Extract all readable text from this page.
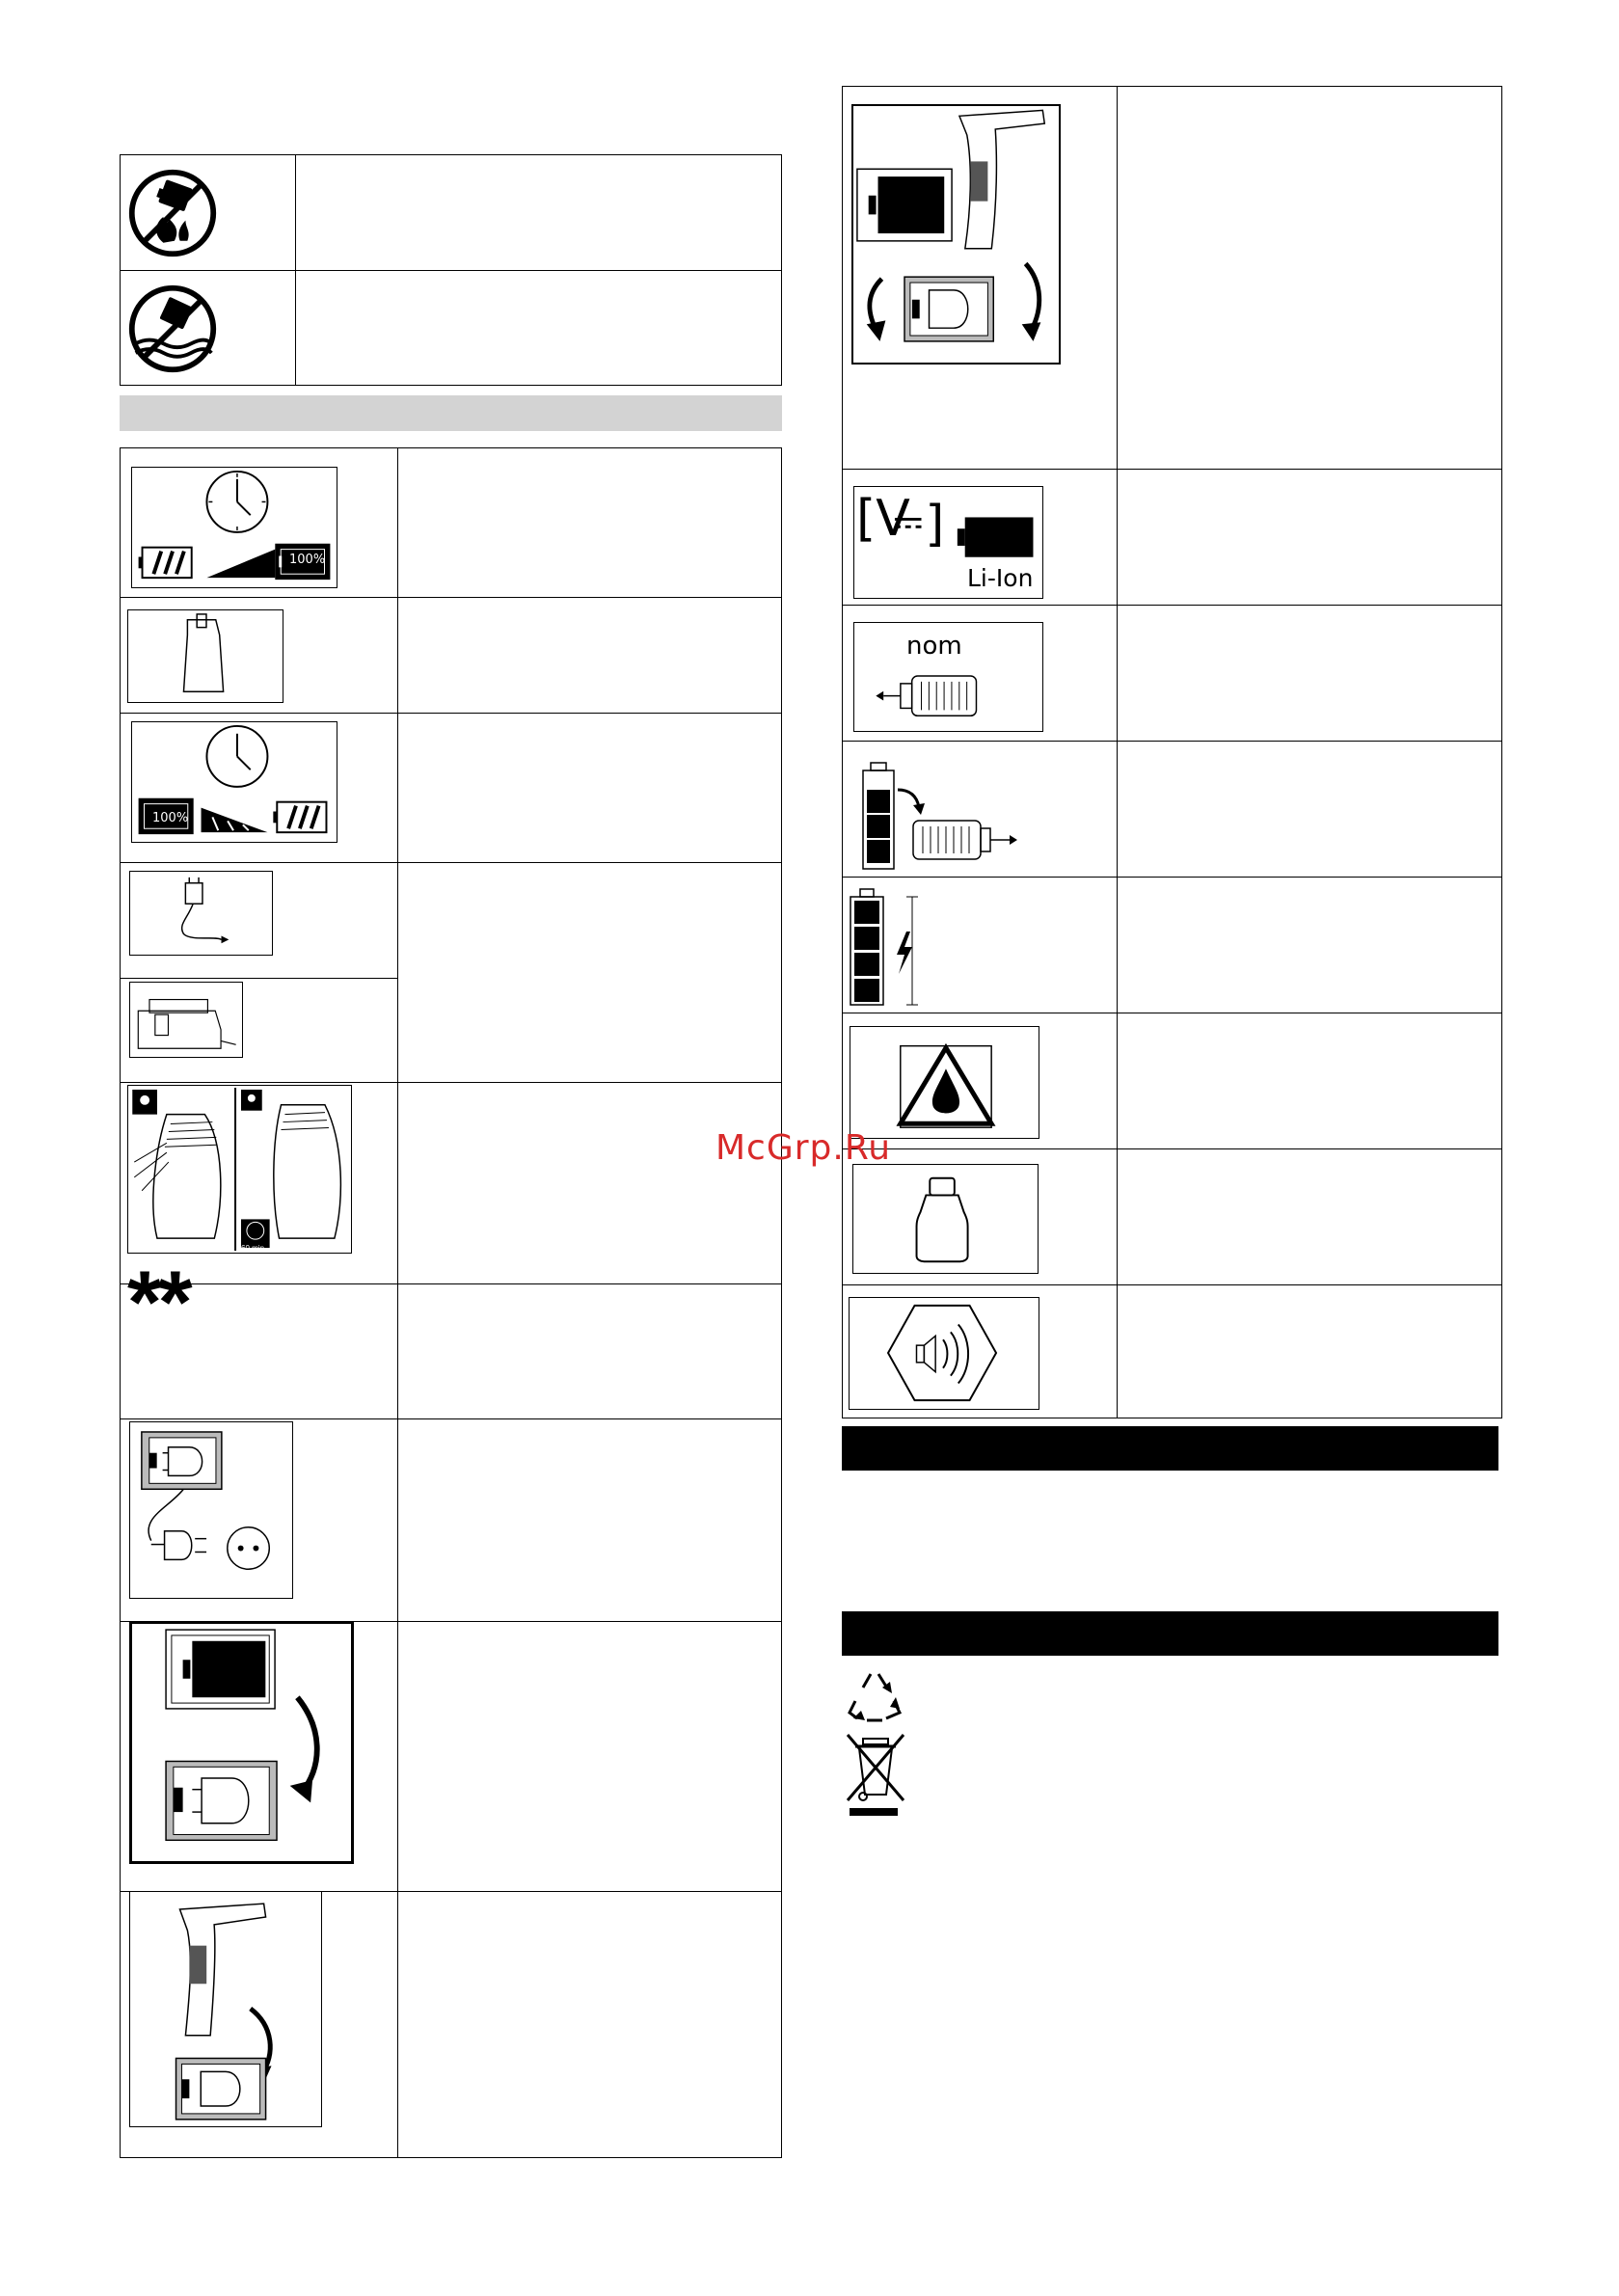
100%
100%
60 min
**
]
[V
Li-Ion
nom
McGrp.Ru
